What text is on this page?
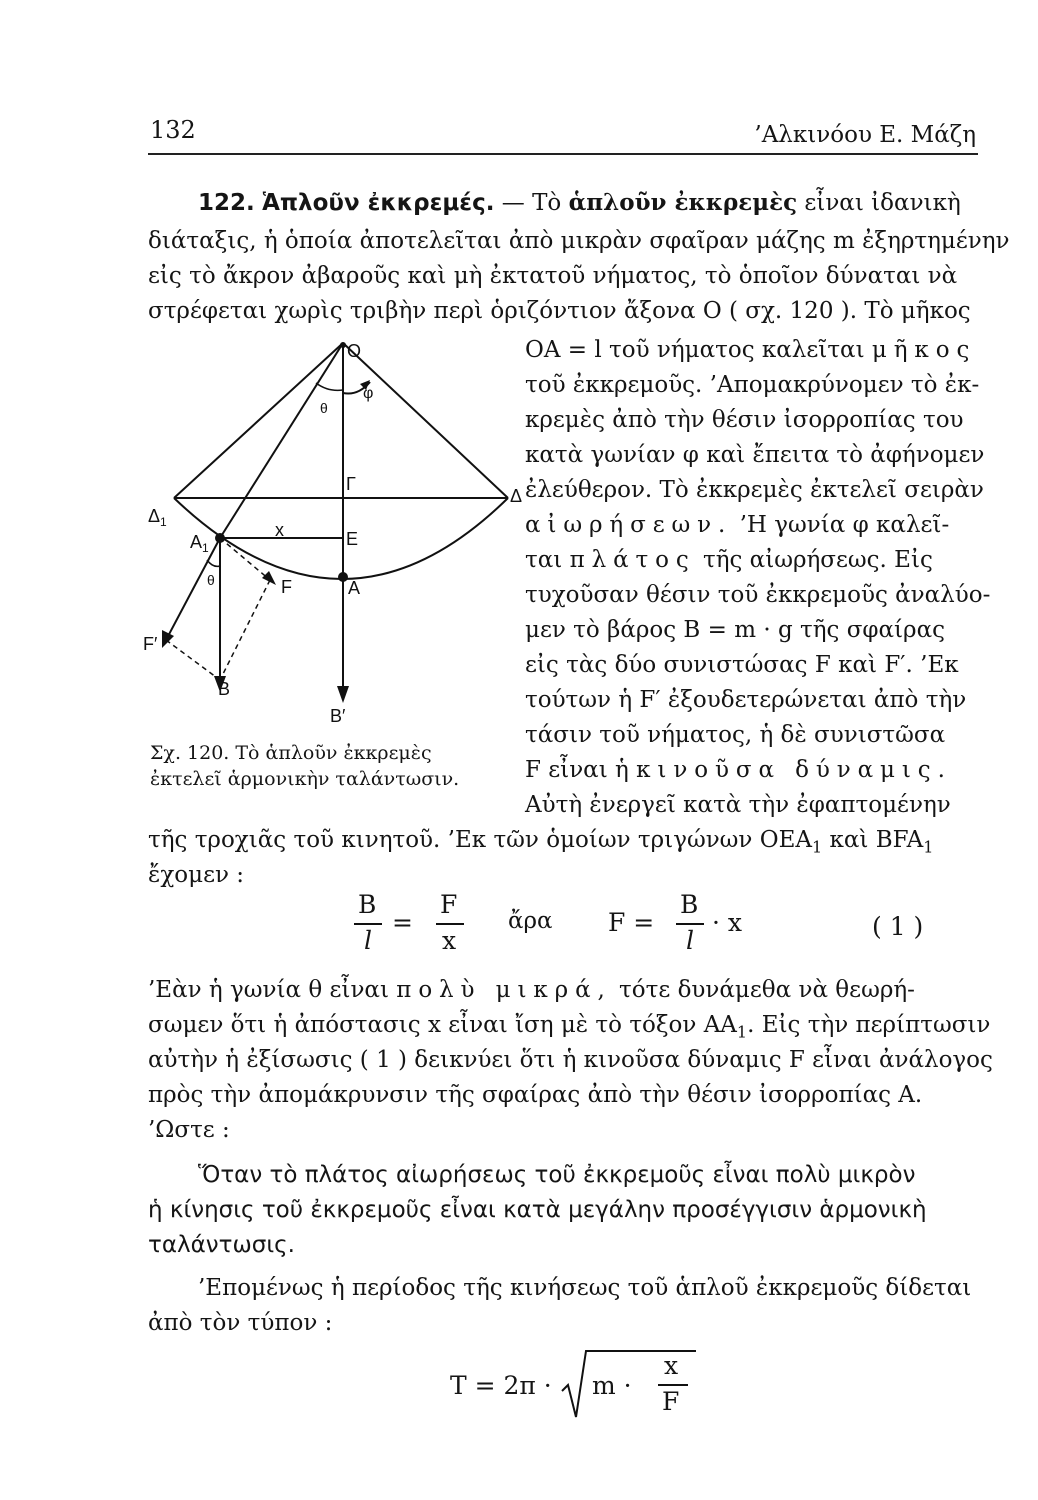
132	’Αλκινόου Ε. Μάζη
122. Ἁπλοῦν ἐκκρεμές. — Τὸ ἁπλοῦν ἐκκρεμὲς εἶναι ἰδανικὴ
διάταξις, ἡ ὁποία ἀποτελεῖται ἀπὸ μικρὰν σφαῖραν μάζης m ἐξηρτημένην
εἰς τὸ ἄκρον ἀβαροῦς καὶ μὴ ἐκτατοῦ νήματος, τὸ ὁποῖον δύναται νὰ
στρέφεται χωρὶς τριβὴν περὶ ὁριζόντιον ἄξονα O ( σχ. 120 ). Τὸ μῆκος
O
φ
θ
Γ
E
A
Δ
$\Delta_1$
$A_1$
x
θ	F
F′
B
B′
OA = l τοῦ νήματος καλεῖται μῆκος
τοῦ ἐκκρεμοῦς. ’Απομακρύνομεν τὸ ἐκ-
κρεμὲς ἀπὸ τὴν θέσιν ἰσορροπίας του
κατὰ γωνίαν φ καὶ ἔπειτα τὸ ἀφήνομεν
ἐλεύθερον. Τὸ ἐκκρεμὲς ἐκτελεῖ σειρὰν
αἰωρήσεων. ’Η γωνία φ καλεῖ-
ται πλάτος τῆς αἰωρήσεως. Εἰς
τυχοῦσαν θέσιν τοῦ ἐκκρεμοῦς ἀναλύο-
μεν τὸ βάρος B = m · g τῆς σφαίρας
εἰς τὰς δύο συνιστώσας F καὶ F′. ’Εκ
τούτων ἡ F′ ἐξουδετερώνεται ἀπὸ τὴν
τάσιν τοῦ νήματος, ἡ δὲ συνιστῶσα
F εἶναι ἡ κινοῦσα δύναμις.
Αὐτὴ ἐνεργεῖ κατὰ τὴν ἐφαπτομένην
Σχ. 120. Τὸ ἁπλοῦν ἐκκρεμὲς
ἐκτελεῖ ἁρμονικὴν ταλάντωσιν.
τῆς τροχιᾶς τοῦ κινητοῦ. ’Εκ τῶν ὁμοίων τριγώνων $OEA_1$ καὶ $BFA_1$
ἔχομεν :
B
l
=
F
x
ἄρα F =
B
l
· x	( 1 )
’Εὰν ἡ γωνία θ εἶναι πολὺ μικρά, τότε δυνάμεθα νὰ θεωρή-
σωμεν ὅτι ἡ ἀπόστασις x εἶναι ἴση μὲ τὸ τόξον $AA_1$. Εἰς τὴν περίπτωσιν
αὐτὴν ἡ ἐξίσωσις ( 1 ) δεικνύει ὅτι ἡ κινοῦσα δύναμις F εἶναι ἀνάλογος
πρὸς τὴν ἀπομάκρυνσιν τῆς σφαίρας ἀπὸ τὴν θέσιν ἰσορροπίας A.
’Ωστε :
Ὅταν τὸ πλάτος αἰωρήσεως τοῦ ἐκκρεμοῦς εἶναι πολὺ μικρὸν
ἡ κίνησις τοῦ ἐκκρεμοῦς εἶναι κατὰ μεγάλην προσέγγισιν ἁρμονικὴ
ταλάντωσις.
’Επομένως ἡ περίοδος τῆς κινήσεως τοῦ ἁπλοῦ ἐκκρεμοῦς δίδεται
ἀπὸ τὸν τύπον :
T = 2π · m ·
x
F
